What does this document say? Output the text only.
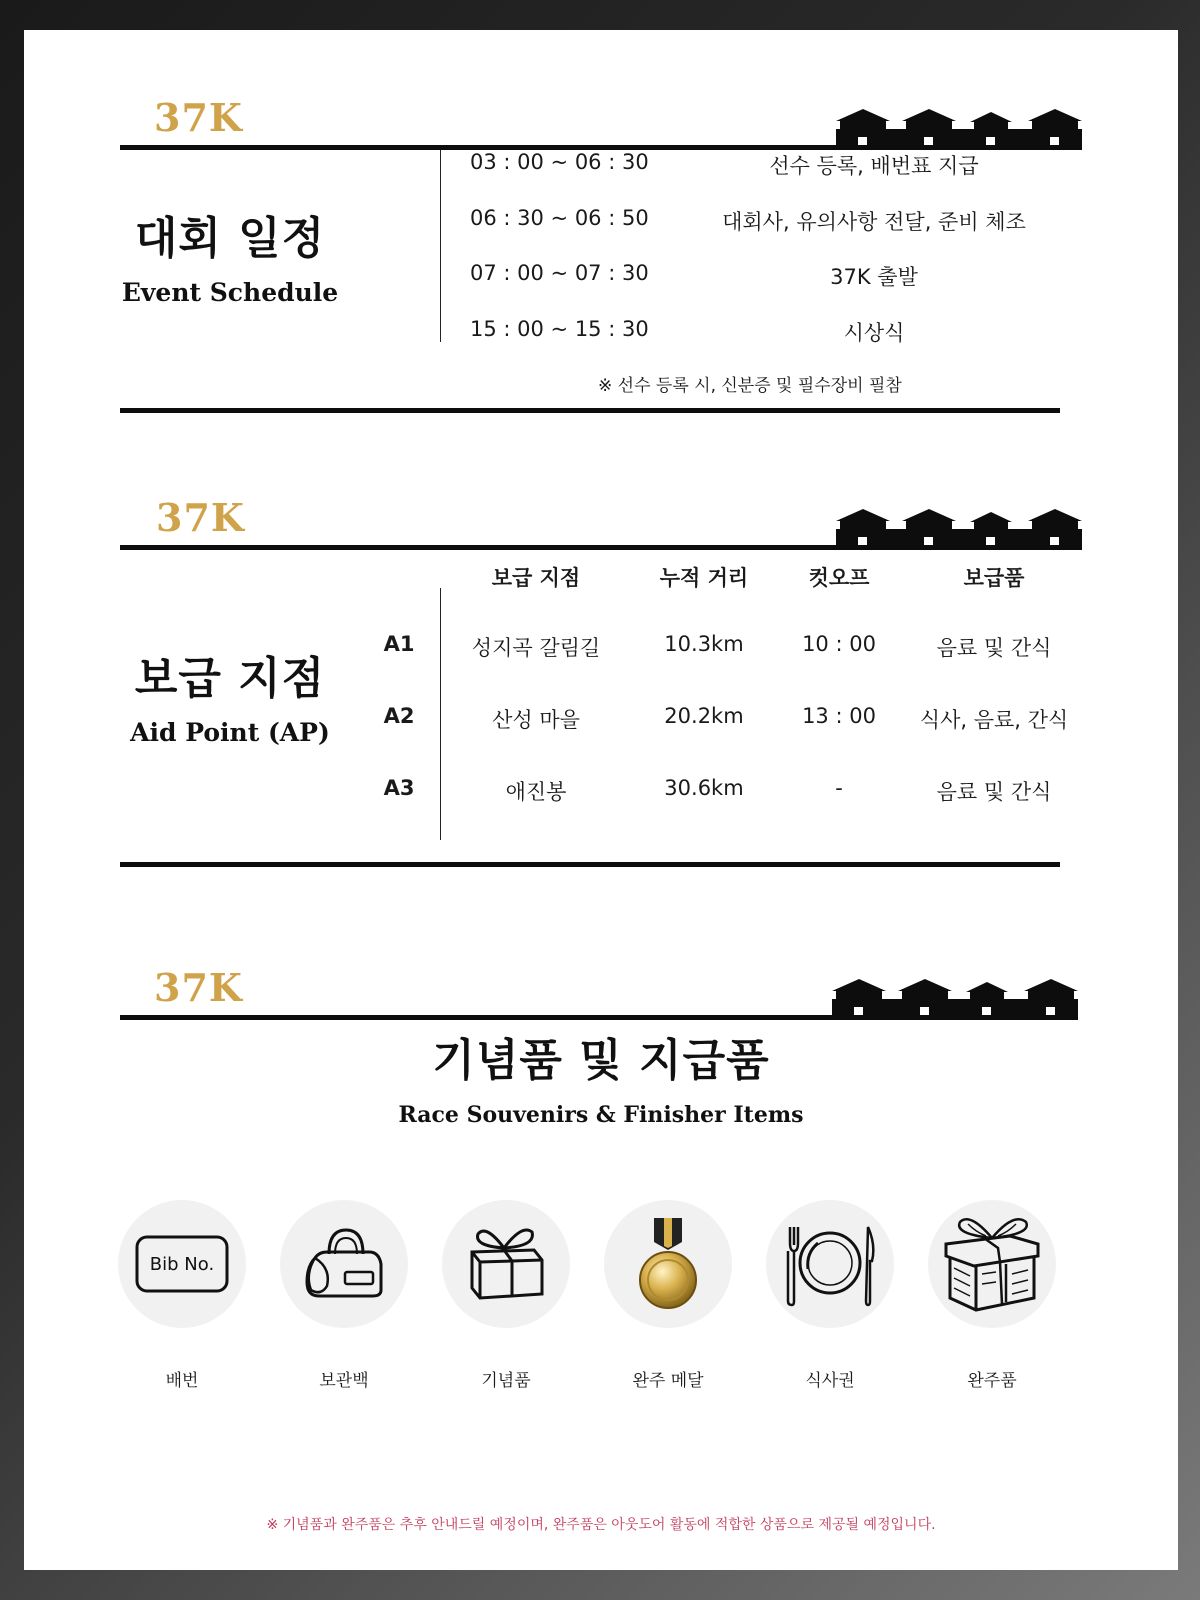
37K
대회 일정
Event Schedule
03 : 00 ~ 06 : 30	선수 등록, 배번표 지급
06 : 30 ~ 06 : 50	대회사, 유의사항 전달, 준비 체조
07 : 00 ~ 07 : 30	37K 출발
15 : 00 ~ 15 : 30	시상식
※ 선수 등록 시, 신분증 및 필수장비 필참
37K
보급 지점
Aid Point (AP)
보급 지점	누적 거리	컷오프	보급품
A1	성지곡 갈림길	10.3km	10 : 00	음료 및 간식
A2	산성 마을	20.2km	13 : 00	식사, 음료, 간식
A3	애진봉	30.6km	-	음료 및 간식
37K
기념품 및 지급품
Race Souvenirs & Finisher Items
Bib No.
배번	보관백	기념품	완주 메달	식사권	완주품
※ 기념품과 완주품은 추후 안내드릴 예정이며, 완주품은 아웃도어 활동에 적합한 상품으로 제공될 예정입니다.
